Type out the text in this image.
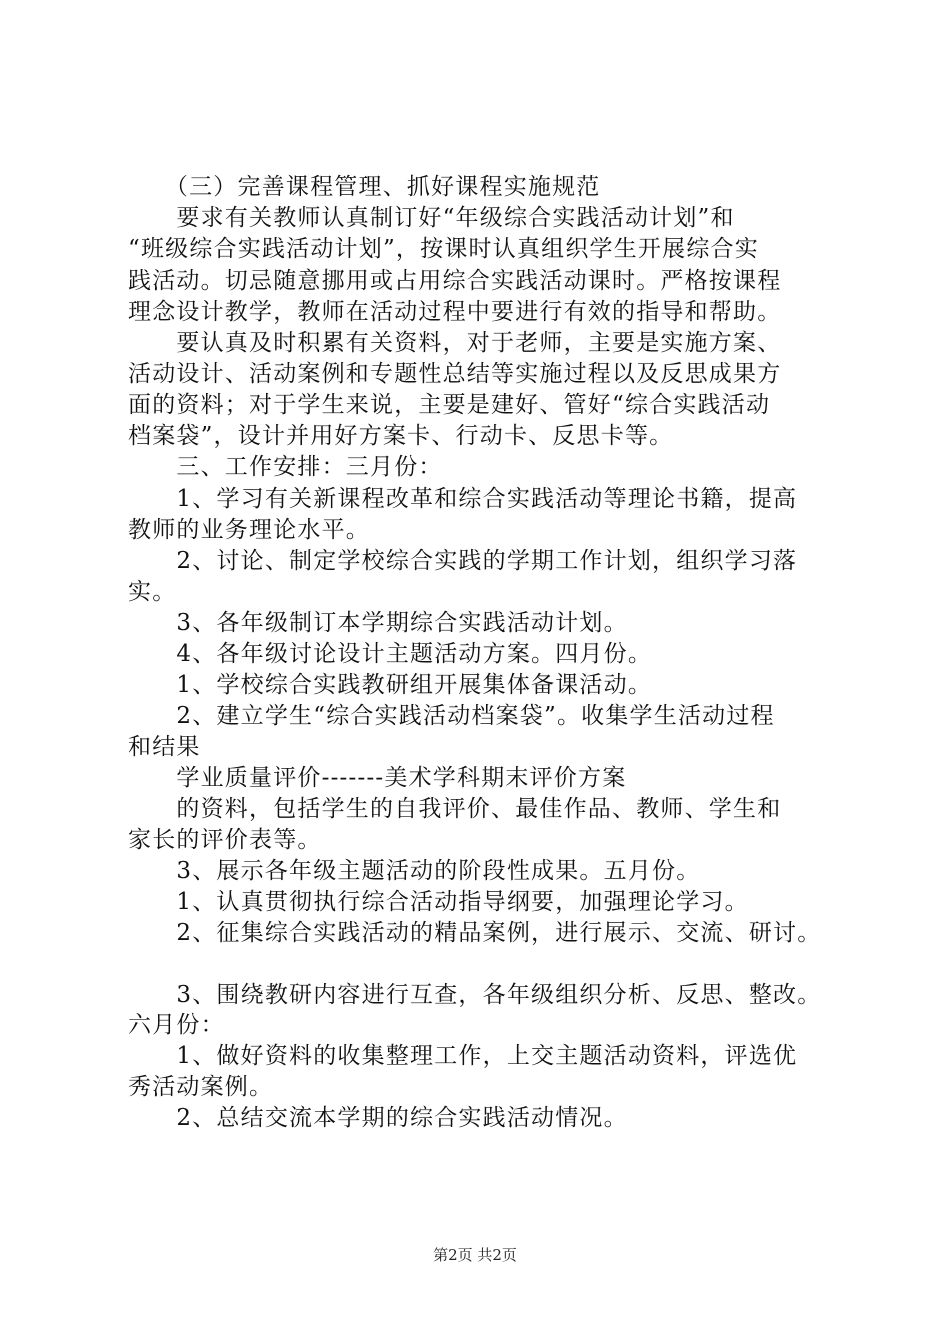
　　（三）完善课程管理、抓好课程实施规范
　　要求有关教师认真制订好“年级综合实践活动计划”和
“班级综合实践活动计划”，按课时认真组织学生开展综合实
践活动。切忌随意挪用或占用综合实践活动课时。严格按课程
理念设计教学，教师在活动过程中要进行有效的指导和帮助。
　　要认真及时积累有关资料，对于老师，主要是实施方案、
活动设计、活动案例和专题性总结等实施过程以及反思成果方
面的资料；对于学生来说，主要是建好、管好“综合实践活动
档案袋”，设计并用好方案卡、行动卡、反思卡等。
　　三、工作安排：三月份：
　　1、学习有关新课程改革和综合实践活动等理论书籍，提高
教师的业务理论水平。
　　2、讨论、制定学校综合实践的学期工作计划，组织学习落
实。
　　3、各年级制订本学期综合实践活动计划。
　　4、各年级讨论设计主题活动方案。四月份。
　　1、学校综合实践教研组开展集体备课活动。
　　2、建立学生“综合实践活动档案袋”。收集学生活动过程
和结果
　　学业质量评价-------美术学科期末评价方案
　　的资料，包括学生的自我评价、最佳作品、教师、学生和
家长的评价表等。
　　3、展示各年级主题活动的阶段性成果。五月份。
　　1、认真贯彻执行综合活动指导纲要，加强理论学习。
　　2、征集综合实践活动的精品案例，进行展示、交流、研讨。
　　3、围绕教研内容进行互查，各年级组织分析、反思、整改。
六月份：
　　1、做好资料的收集整理工作，上交主题活动资料，评选优
秀活动案例。
　　2、总结交流本学期的综合实践活动情况。
第2页 共2页
